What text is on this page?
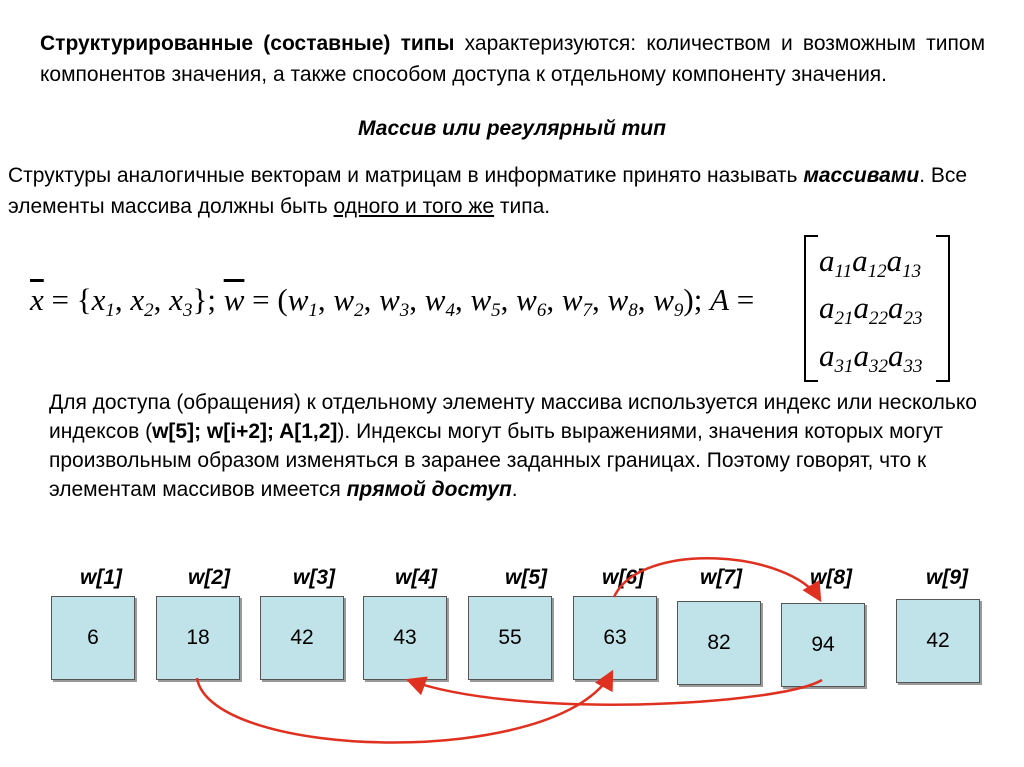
Структурированные (составные) типы характеризуются: количеством и возможным типом компонентов значения, а также способом доступа к отдельному компоненту значения.

Массив или регулярный тип

Структуры аналогичные векторам и матрицам в информатике принято называть массивами. Все элементы массива должны быть одного и того же типа.

$\overline{x} = \{x_1$, $x_2$, $x_3$}; $\overline{w} = (w_1$, $w_2$, $w_3$, $w_4$, $w_5$, $w_6$, $w_7$, $w_8$, $w_9$); A =
$a_{11}a_{12}a_{13}$
$a_{21}a_{22}a_{23}$
$a_{31}a_{32}a_{33}$

Для доступа (обращения) к отдельному элементу массива используется индекс или несколько индексов (w[5]; w[i+2]; A[1,2]). Индексы могут быть выражениями, значения которых могут произвольным образом изменяться в заранее заданных границах. Поэтому говорят, что к элементам массивов имеется прямой доступ.

w[1]	w[2]	w[3]	w[4]	w[5]	w[6]	w[7]	w[8]	w[9]
6	18	42	43	55	63	82	94	42
